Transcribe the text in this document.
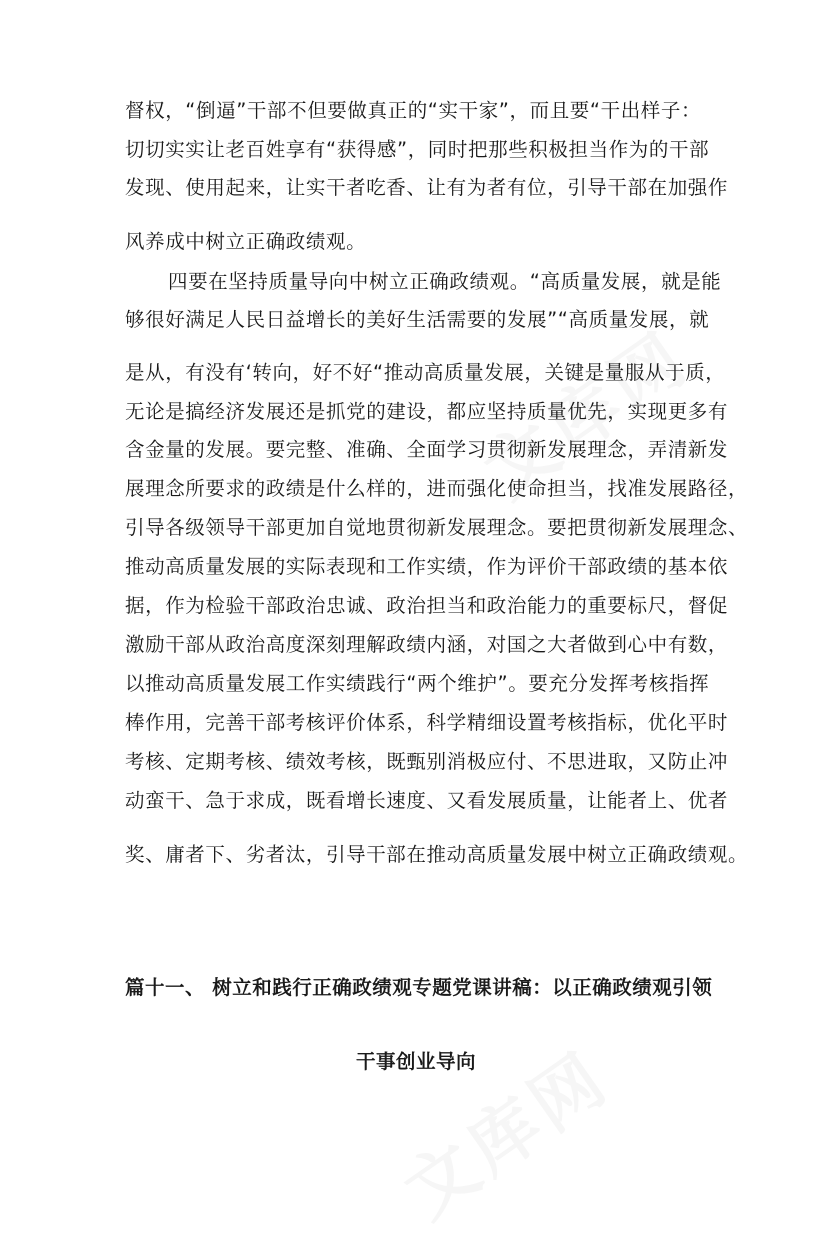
督权，“倒逼”干部不但要做真正的“实干家”，而且要“干出样子：
切切实实让老百姓享有“获得感”，同时把那些积极担当作为的干部
发现、使用起来，让实干者吃香、让有为者有位，引导干部在加强作
风养成中树立正确政绩观。
四要在坚持质量导向中树立正确政绩观。“高质量发展，就是能
够很好满足人民日益增长的美好生活需要的发展”“高质量发展，就
是从，有没有‘转向，好不好“推动高质量发展，关键是量服从于质，
无论是搞经济发展还是抓党的建设，都应坚持质量优先，实现更多有
含金量的发展。要完整、准确、全面学习贯彻新发展理念，弄清新发
展理念所要求的政绩是什么样的，进而强化使命担当，找准发展路径，
引导各级领导干部更加自觉地贯彻新发展理念。要把贯彻新发展理念、
推动高质量发展的实际表现和工作实绩，作为评价干部政绩的基本依
据，作为检验干部政治忠诚、政治担当和政治能力的重要标尺，督促
激励干部从政治高度深刻理解政绩内涵，对国之大者做到心中有数，
以推动高质量发展工作实绩践行“两个维护”。要充分发挥考核指挥
棒作用，完善干部考核评价体系，科学精细设置考核指标，优化平时
考核、定期考核、绩效考核，既甄别消极应付、不思进取，又防止冲
动蛮干、急于求成，既看增长速度、又看发展质量，让能者上、优者
奖、庸者下、劣者汰，引导干部在推动高质量发展中树立正确政绩观。
篇十一、 树立和践行正确政绩观专题党课讲稿：以正确政绩观引领
干事创业导向
